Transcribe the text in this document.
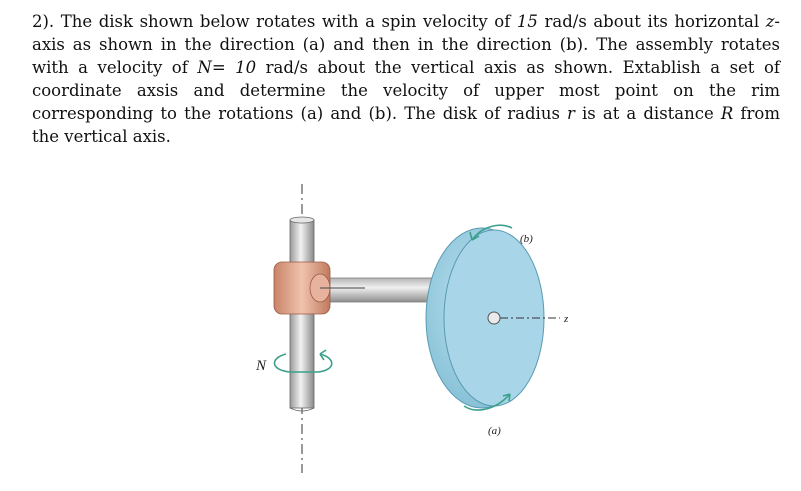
2). The disk shown below rotates with a spin velocity of 15 rad/s about its horizontal z-axis as shown in the direction (a) and then in the direction (b). The assembly rotates with a velocity of N= 10 rad/s about the vertical axis as shown. Extablish a set of coordinate axsis and determine the velocity of upper most point on the rim corresponding to the rotations (a) and (b). The disk of radius r is at a distance R from the vertical axis.

N
(b)
(a)
z
